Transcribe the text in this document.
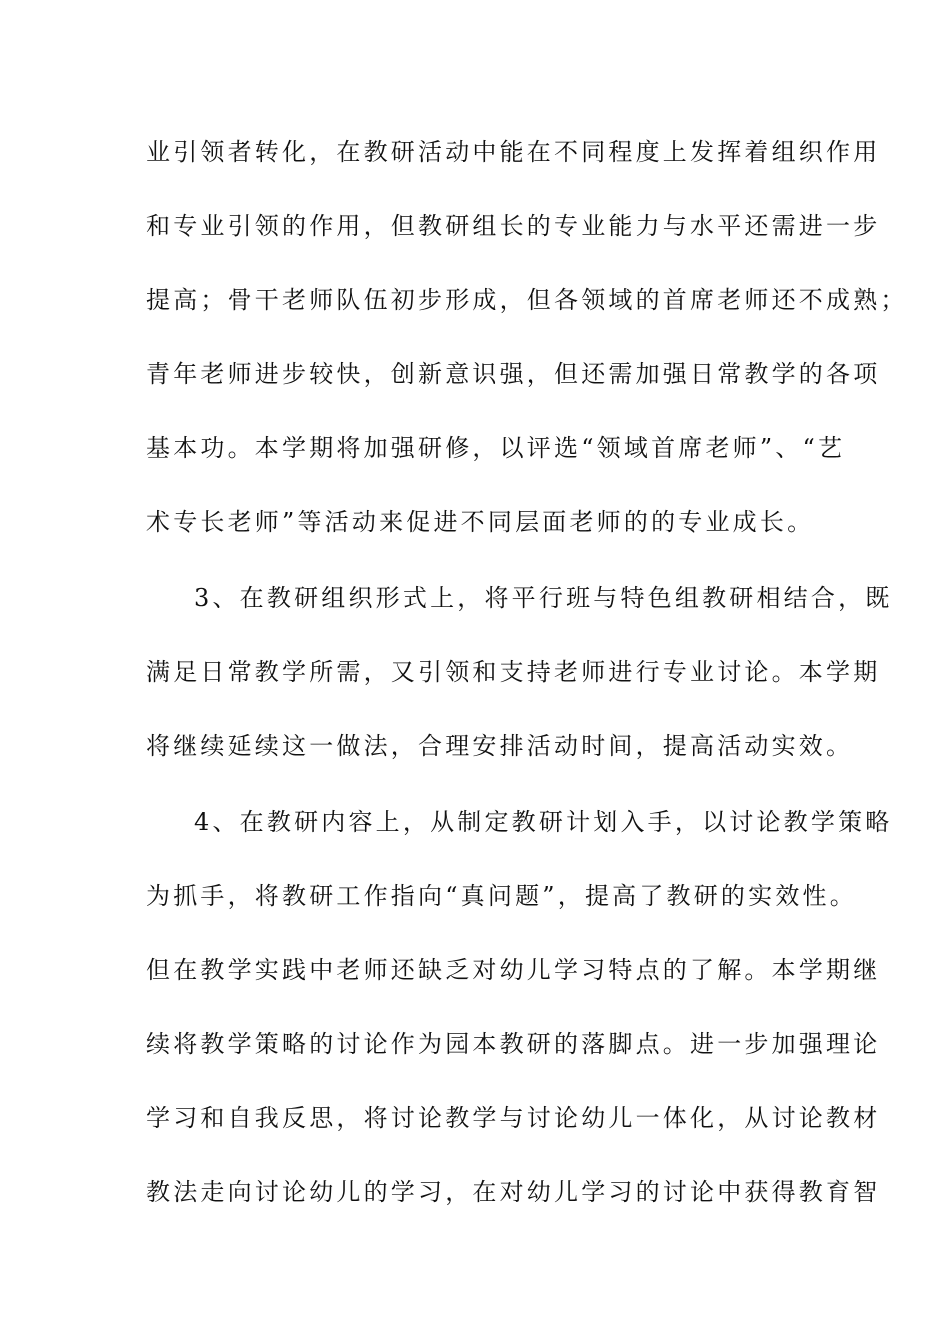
业引领者转化，在教研活动中能在不同程度上发挥着组织作用
和专业引领的作用，但教研组长的专业能力与水平还需进一步
提高；骨干老师队伍初步形成，但各领域的首席老师还不成熟；
青年老师进步较快，创新意识强，但还需加强日常教学的各项
基本功。本学期将加强研修，以评选“领域首席老师”、“艺
术专长老师”等活动来促进不同层面老师的的专业成长。
3、在教研组织形式上，将平行班与特色组教研相结合，既
满足日常教学所需，又引领和支持老师进行专业讨论。本学期
将继续延续这一做法，合理安排活动时间，提高活动实效。
4、在教研内容上，从制定教研计划入手，以讨论教学策略
为抓手，将教研工作指向“真问题”，提高了教研的实效性。
但在教学实践中老师还缺乏对幼儿学习特点的了解。本学期继
续将教学策略的讨论作为园本教研的落脚点。进一步加强理论
学习和自我反思，将讨论教学与讨论幼儿一体化，从讨论教材
教法走向讨论幼儿的学习，在对幼儿学习的讨论中获得教育智
